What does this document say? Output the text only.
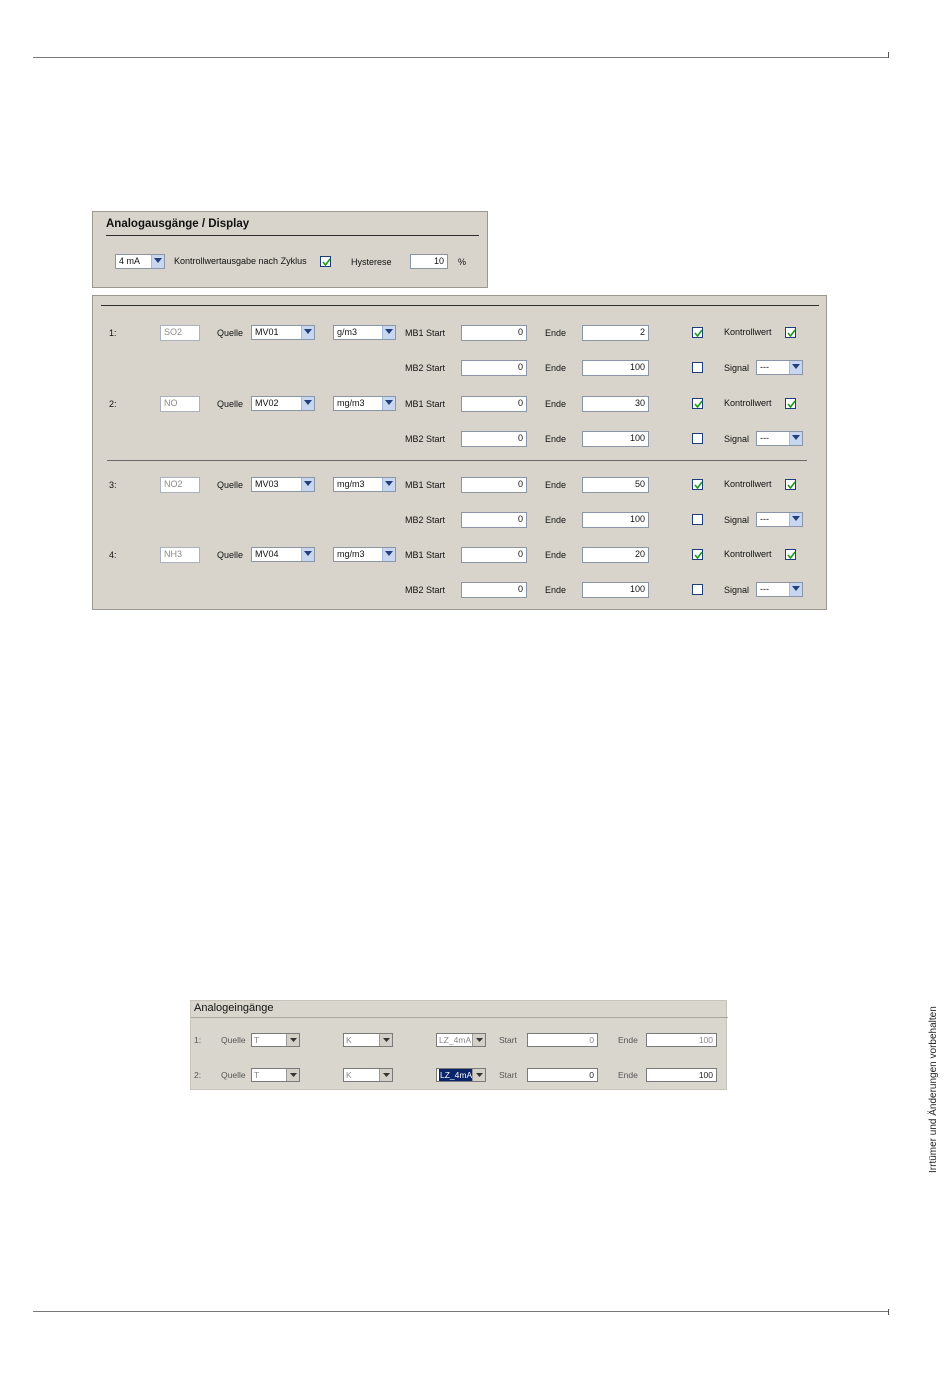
Irrtümer und Änderungen vorbehalten
Analogausgänge / Display
4 mA	Kontrollwertausgabe nach Zyklus	Hysterese	10	%
1:	SO2	Quelle MV01	g/m3	MB1 Start	0	Ende	2	Kontrollwert
MB2 Start	0	Ende	100	Signal ---
2:	NO	Quelle MV02	mg/m3	MB1 Start	0	Ende	30	Kontrollwert
MB2 Start	0	Ende	100	Signal ---
3:	NO2	Quelle MV03	mg/m3	MB1 Start	0	Ende	50	Kontrollwert
MB2 Start	0	Ende	100	Signal ---
4:	NH3	Quelle MV04	mg/m3	MB1 Start	0	Ende	20	Kontrollwert
MB2 Start	0	Ende	100	Signal ---
Analogeingänge
1: Quelle T	K	LZ_4mA	Start	0	Ende	100
2: Quelle T	K	LZ_4mA	Start	0	Ende	100
